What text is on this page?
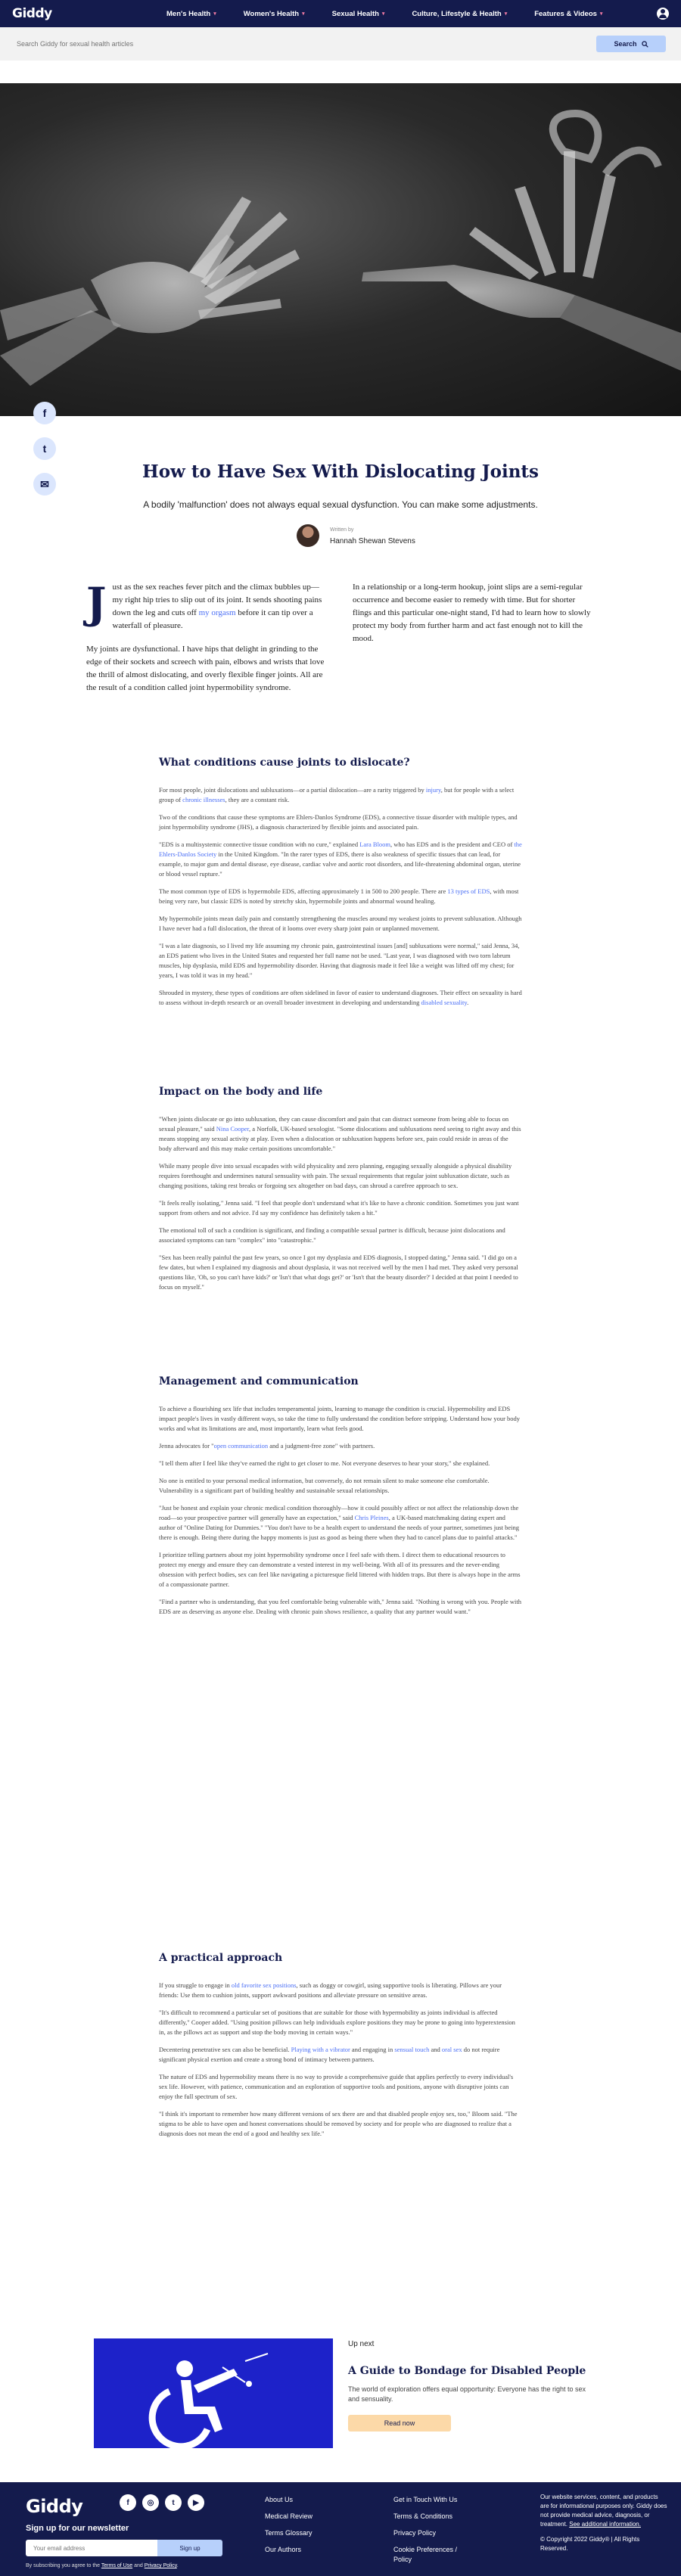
Giddy	Men's Health ▾	Women's Health ▾	Sexual Health ▾	Culture, Lifestyle & Health ▾	Features & Videos ▾
Search Giddy for sexual health articles
Search
f
t
✉
How to Have Sex With Dislocating Joints
A bodily 'malfunction' does not always equal sexual dysfunction. You can make some adjustments.
Written by
Hannah Shewan Stevens

Just as the sex reaches fever pitch and the climax bubbles up—my right hip tries to slip out of its joint. It sends shooting pains down the leg and cuts off my orgasm before it can tip over a waterfall of pleasure.

My joints are dysfunctional. I have hips that delight in grinding to the edge of their sockets and screech with pain, elbows and wrists that love the thrill of almost dislocating, and overly flexible finger joints. All are the result of a condition called joint hypermobility syndrome.

In a relationship or a long-term hookup, joint slips are a semi-regular occurrence and become easier to remedy with time. But for shorter flings and this particular one-night stand, I'd had to learn how to slowly protect my body from further harm and act fast enough not to kill the mood.

What conditions cause joints to dislocate?

For most people, joint dislocations and subluxations—or a partial dislocation—are a rarity triggered by injury, but for people with a select group of chronic illnesses, they are a constant risk.

Two of the conditions that cause these symptoms are Ehlers-Danlos Syndrome (EDS), a connective tissue disorder with multiple types, and joint hypermobility syndrome (JHS), a diagnosis characterized by flexible joints and associated pain.

"EDS is a multisystemic connective tissue condition with no cure," explained Lara Bloom, who has EDS and is the president and CEO of the Ehlers-Danlos Society in the United Kingdom. "In the rarer types of EDS, there is also weakness of specific tissues that can lead, for example, to major gum and dental disease, eye disease, cardiac valve and aortic root disorders, and life-threatening abdominal organ, uterine or blood vessel rupture."

The most common type of EDS is hypermobile EDS, affecting approximately 1 in 500 to 200 people. There are 13 types of EDS, with most being very rare, but classic EDS is noted by stretchy skin, hypermobile joints and abnormal wound healing.

My hypermobile joints mean daily pain and constantly strengthening the muscles around my weakest joints to prevent subluxation. Although I have never had a full dislocation, the threat of it looms over every sharp joint pain or unplanned movement.

"I was a late diagnosis, so I lived my life assuming my chronic pain, gastrointestinal issues [and] subluxations were normal," said Jenna, 34, an EDS patient who lives in the United States and requested her full name not be used. "Last year, I was diagnosed with two torn labrum muscles, hip dysplasia, mild EDS and hypermobility disorder. Having that diagnosis made it feel like a weight was lifted off my chest; for years, I was told it was in my head."

Shrouded in mystery, these types of conditions are often sidelined in favor of easier to understand diagnoses. Their effect on sexuality is hard to assess without in-depth research or an overall broader investment in developing and understanding disabled sexuality.

Impact on the body and life

"When joints dislocate or go into subluxation, they can cause discomfort and pain that can distract someone from being able to focus on sexual pleasure," said Nina Cooper, a Norfolk, UK-based sexologist. "Some dislocations and subluxations need seeing to right away and this means stopping any sexual activity at play. Even when a dislocation or subluxation happens before sex, pain could reside in areas of the body afterward and this may make certain positions uncomfortable."

While many people dive into sexual escapades with wild physicality and zero planning, engaging sexually alongside a physical disability requires forethought and undermines natural sensuality with pain. The sexual requirements that regular joint subluxation dictate, such as changing positions, taking rest breaks or forgoing sex altogether on bad days, can shroud a carefree approach to sex.

"It feels really isolating," Jenna said. "I feel that people don't understand what it's like to have a chronic condition. Sometimes you just want support from others and not advice. I'd say my confidence has definitely taken a hit."

The emotional toll of such a condition is significant, and finding a compatible sexual partner is difficult, because joint dislocations and associated symptoms can turn "complex" into "catastrophic."

"Sex has been really painful the past few years, so once I got my dysplasia and EDS diagnosis, I stopped dating," Jenna said. "I did go on a few dates, but when I explained my diagnosis and about dysplasia, it was not received well by the men I had met. They asked very personal questions like, 'Oh, so you can't have kids?' or 'Isn't that what dogs get?' or 'Isn't that the beauty disorder?' I decided at that point I needed to focus on myself."

Management and communication

To achieve a flourishing sex life that includes temperamental joints, learning to manage the condition is crucial. Hypermobility and EDS impact people's lives in vastly different ways, so take the time to fully understand the condition before stripping. Understand how your body works and what its limitations are and, most importantly, learn what feels good.

Jenna advocates for "open communication and a judgment-free zone" with partners.

"I tell them after I feel like they've earned the right to get closer to me. Not everyone deserves to hear your story," she explained.

No one is entitled to your personal medical information, but conversely, do not remain silent to make someone else comfortable. Vulnerability is a significant part of building healthy and sustainable sexual relationships.

"Just be honest and explain your chronic medical condition thoroughly—how it could possibly affect or not affect the relationship down the road—so your prospective partner will generally have an expectation," said Chris Pleines, a UK-based matchmaking dating expert and author of "Online Dating for Dummies." "You don't have to be a health expert to understand the needs of your partner, sometimes just being there is enough. Being there during the happy moments is just as good as being there when they had to cancel plans due to painful attacks."

I prioritize telling partners about my joint hypermobility syndrome once I feel safe with them. I direct them to educational resources to protect my energy and ensure they can demonstrate a vested interest in my well-being. With all of its pressures and the never-ending obsession with perfect bodies, sex can feel like navigating a picturesque field littered with hidden traps. But there is always hope in the arms of a compassionate partner.

"Find a partner who is understanding, that you feel comfortable being vulnerable with," Jenna said. "Nothing is wrong with you. People with EDS are as deserving as anyone else. Dealing with chronic pain shows resilience, a quality that any partner would want."

A practical approach

If you struggle to engage in old favorite sex positions, such as doggy or cowgirl, using supportive tools is liberating. Pillows are your friends: Use them to cushion joints, support awkward positions and alleviate pressure on sensitive areas.

"It's difficult to recommend a particular set of positions that are suitable for those with hypermobility as joints individual is affected differently," Cooper added. "Using position pillows can help individuals explore positions they may be prone to going into hyperextension in, as the pillows act as support and stop the body moving in certain ways."

Decentering penetrative sex can also be beneficial. Playing with a vibrator and engaging in sensual touch and oral sex do not require significant physical exertion and create a strong bond of intimacy between partners.

The nature of EDS and hypermobility means there is no way to provide a comprehensive guide that applies perfectly to every individual's sex life. However, with patience, communication and an exploration of supportive tools and positions, anyone with disruptive joints can enjoy the full spectrum of sex.

"I think it's important to remember how many different versions of sex there are and that disabled people enjoy sex, too," Bloom said. "The stigma to be able to have open and honest conversations should be removed by society and for people who are diagnosed to realize that a diagnosis does not mean the end of a good and healthy sex life."

Up next
A Guide to Bondage for Disabled People
The world of exploration offers equal opportunity: Everyone has the right to sex and sensuality.
Read now
Giddy	f	◎	t	▶
Sign up for our newsletter
Your email address
Sign up
By subscribing you agree to the Terms of Use and Privacy Policy.
About Us
Medical Review
Terms Glossary
Our Authors
Get in Touch With Us
Terms & Conditions
Privacy Policy
Cookie Preferences /
Policy
Our website services, content, and products are for informational purposes only. Giddy does not provide medical advice, diagnosis, or treatment. See additional information.
© Copyright 2022 Giddy® | All Rights Reserved.
